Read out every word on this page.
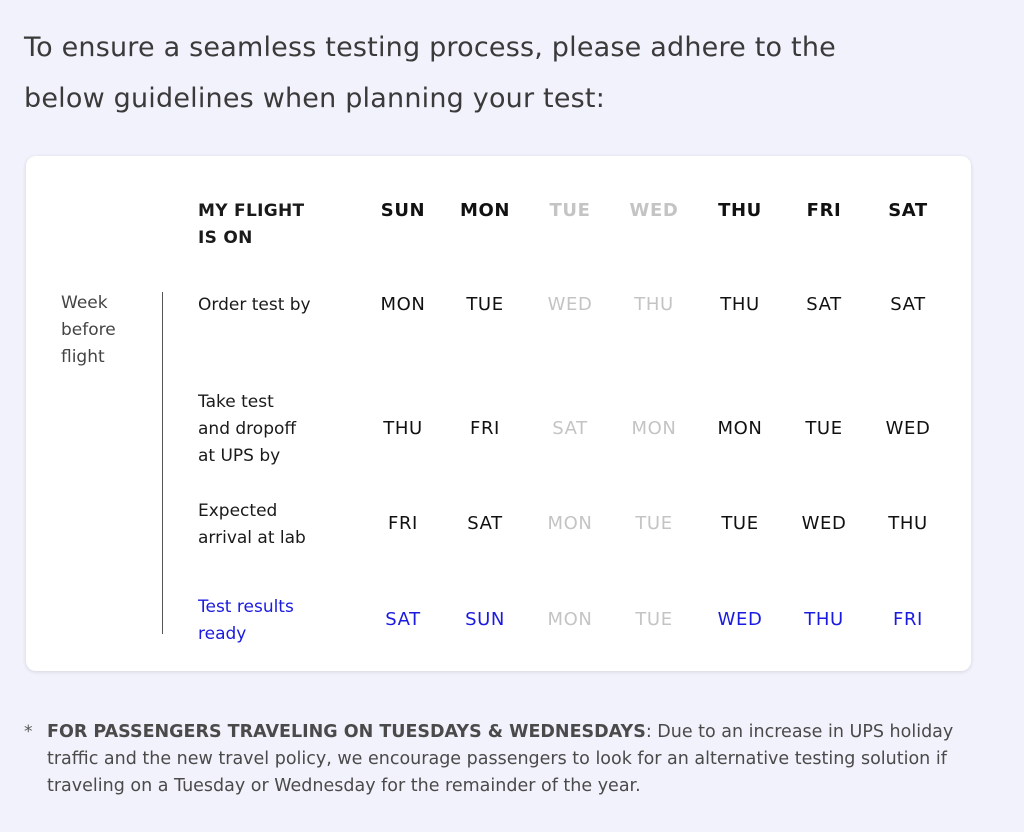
To ensure a seamless testing process, please adhere to the
below guidelines when planning your test:
Week
before
flight
MY FLIGHT
IS ON
SUN	MON	TUE	WED	THU	FRI	SAT
Order test by	MON	TUE	WED	THU	THU	SAT	SAT
Take test
and dropoff
at UPS by
THU	FRI	SAT	MON	MON	TUE	WED
Expected
arrival at lab
FRI	SAT	MON	TUE	TUE	WED	THU
Test results
ready
SAT	SUN	MON	TUE	WED	THU	FRI
* FOR PASSENGERS TRAVELING ON TUESDAYS & WEDNESDAYS: Due to an increase in UPS holiday traffic and the new travel policy, we encourage passengers to look for an alternative testing solution if traveling on a Tuesday or Wednesday for the remainder of the year.
